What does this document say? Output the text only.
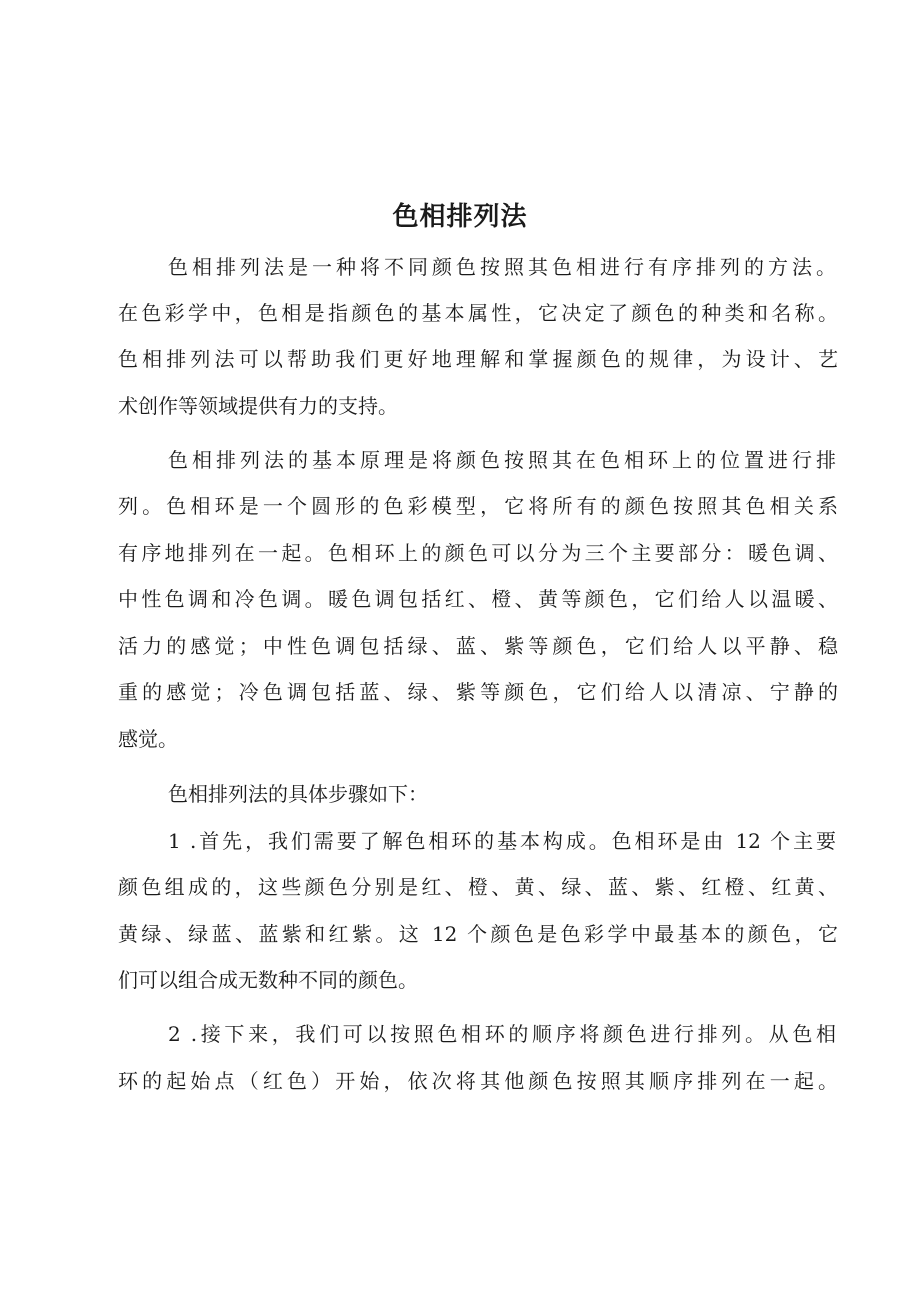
色相排列法
色相排列法是一种将不同颜色按照其色相进行有序排列的方法。
在色彩学中，色相是指颜色的基本属性，它决定了颜色的种类和名称。
色相排列法可以帮助我们更好地理解和掌握颜色的规律，为设计、艺
术创作等领域提供有力的支持。
色相排列法的基本原理是将颜色按照其在色相环上的位置进行排
列。色相环是一个圆形的色彩模型，它将所有的颜色按照其色相关系
有序地排列在一起。色相环上的颜色可以分为三个主要部分：暖色调、
中性色调和冷色调。暖色调包括红、橙、黄等颜色，它们给人以温暖、
活力的感觉；中性色调包括绿、蓝、紫等颜色，它们给人以平静、稳
重的感觉；冷色调包括蓝、绿、紫等颜色，它们给人以清凉、宁静的
感觉。
色相排列法的具体步骤如下：
1 .首先，我们需要了解色相环的基本构成。色相环是由 12 个主要
颜色组成的，这些颜色分别是红、橙、黄、绿、蓝、紫、红橙、红黄、
黄绿、绿蓝、蓝紫和红紫。这 12 个颜色是色彩学中最基本的颜色，它
们可以组合成无数种不同的颜色。
2 .接下来，我们可以按照色相环的顺序将颜色进行排列。从色相
环的起始点（红色）开始，依次将其他颜色按照其顺序排列在一起。
